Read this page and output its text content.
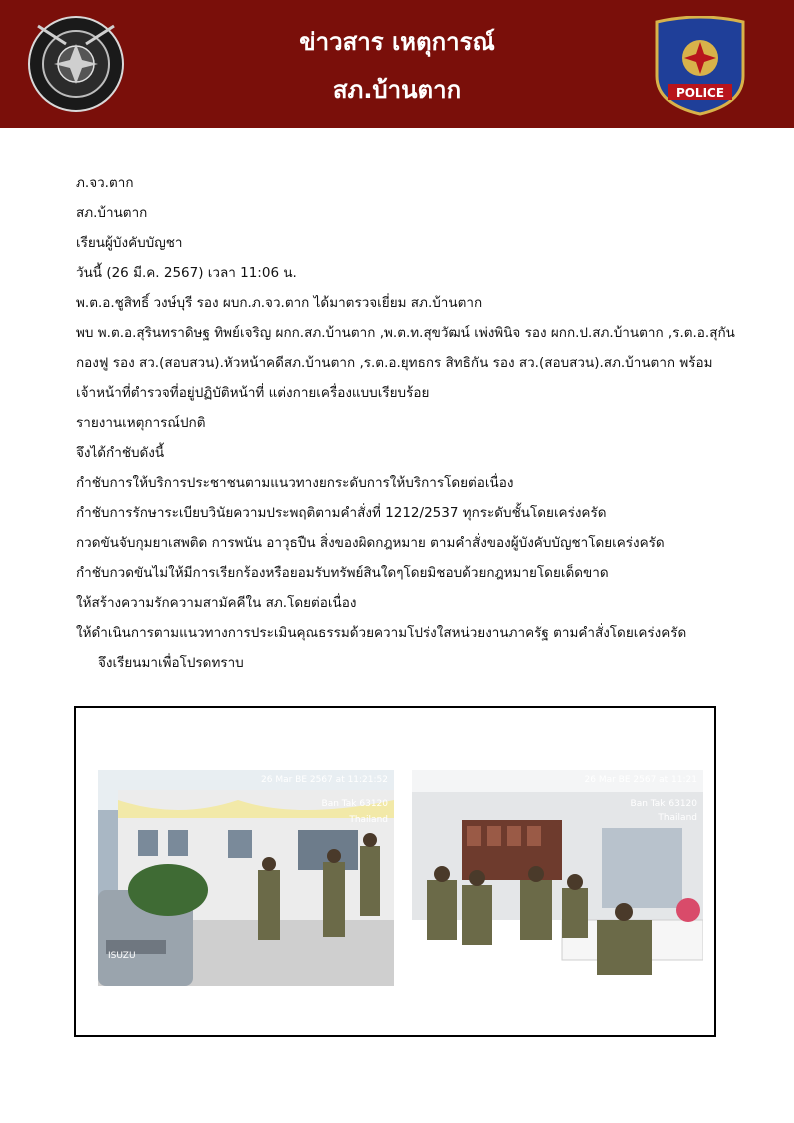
ข่าวสาร เหตุการณ์
สภ.บ้านตาก	POLICE
ภ.จว.ตาก
สภ.บ้านตาก
เรียนผู้บังคับบัญชา
วันนี้ (26 มี.ค. 2567) เวลา 11:06 น.
พ.ต.อ.ชูสิทธิ์ วงษ์บุรี รอง ผบก.ภ.จว.ตาก ได้มาตรวจเยี่ยม สภ.บ้านตาก
พบ พ.ต.อ.สุรินทราดิษฐ ทิพย์เจริญ ผกก.สภ.บ้านตาก ,พ.ต.ท.สุขวัฒน์ เพ่งพินิจ รอง ผกก.ป.สภ.บ้านตาก ,ร.ต.อ.สุกัน
กองฟู รอง สว.(สอบสวน).หัวหน้าคดีสภ.บ้านตาก ,ร.ต.อ.ยุทธกร สิทธิกัน รอง สว.(สอบสวน).สภ.บ้านตาก พร้อม
เจ้าหน้าที่ตำรวจที่อยู่ปฏิบัติหน้าที่ แต่งกายเครื่องแบบเรียบร้อย
รายงานเหตุการณ์ปกติ
จึงได้กำชับดังนี้
กำชับการให้บริการประชาชนตามแนวทางยกระดับการให้บริการโดยต่อเนื่อง
กำชับการรักษาระเบียบวินัยความประพฤติตามคำสั่งที่ 1212/2537 ทุกระดับชั้นโดยเคร่งครัด
กวดขันจับกุมยาเสพติด การพนัน อาวุธปืน สิ่งของผิดกฎหมาย ตามคำสั่งของผู้บังคับบัญชาโดยเคร่งครัด
กำชับกวดขันไม่ให้มีการเรียกร้องหรือยอมรับทรัพย์สินใดๆโดยมิชอบด้วยกฎหมายโดยเด็ดขาด
ให้สร้างความรักความสามัคคีใน สภ.โดยต่อเนื่อง
ให้ดำเนินการตามแนวทางการประเมินคุณธรรมด้วยความโปร่งใสหน่วยงานภาครัฐ ตามคำสั่งโดยเคร่งครัด
จึงเรียนมาเพื่อโปรดทราบ
ISUZU
26 Mar BE 2567 at 11:21:52
Ban Tak 63120
Thailand
26 Mar BE 2567 at 11:21
Ban Tak 63120
Thailand
